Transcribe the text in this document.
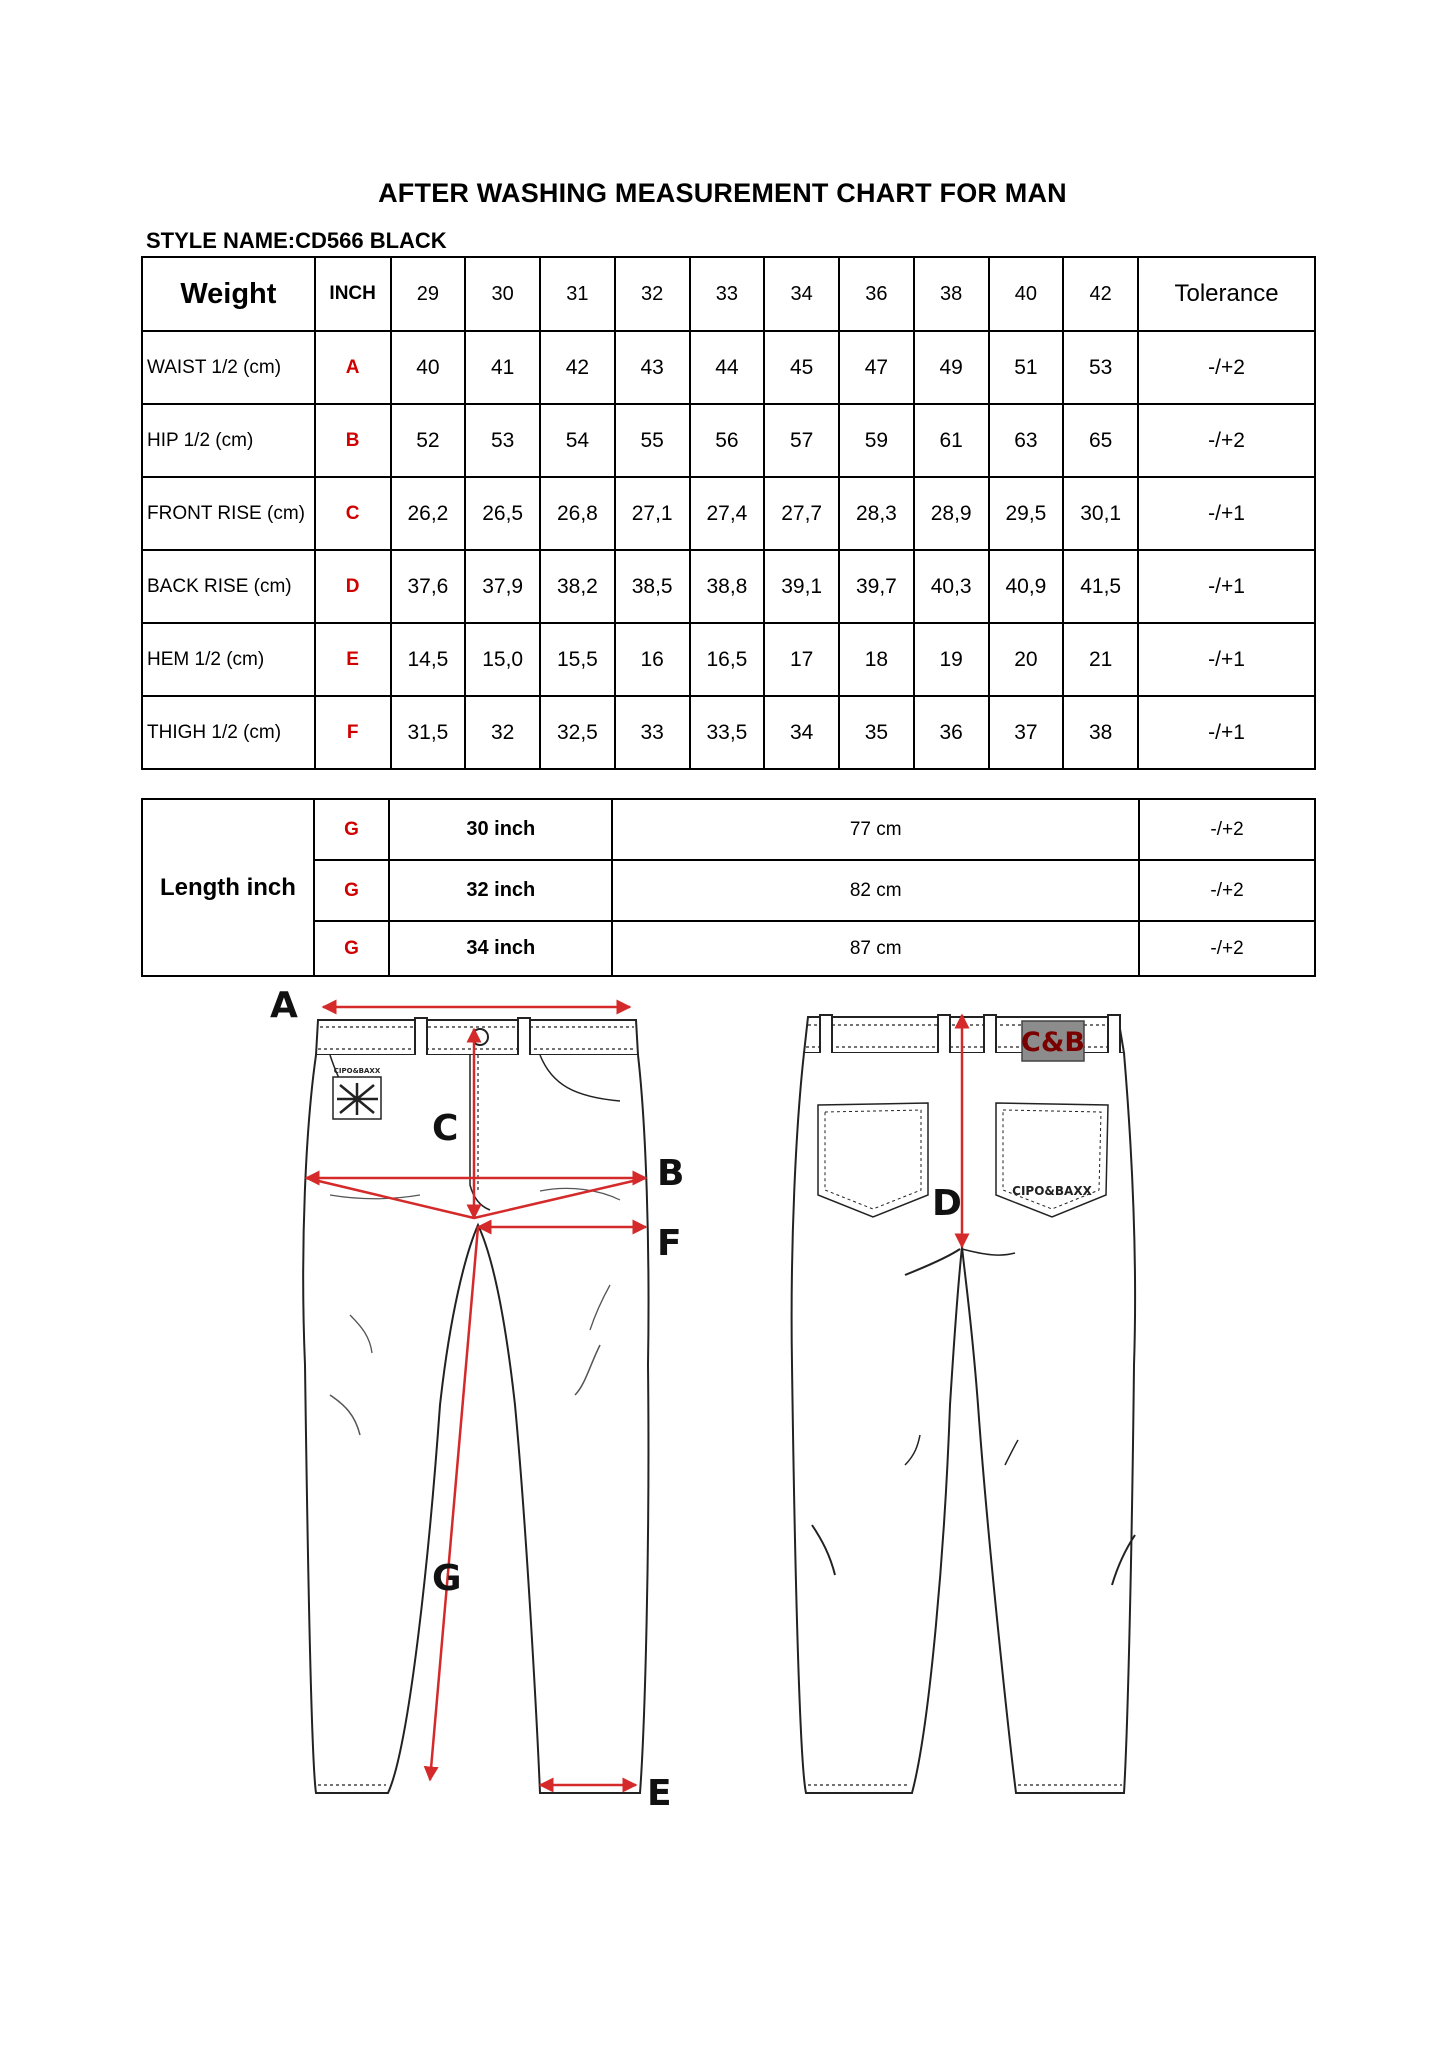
AFTER WASHING MEASUREMENT CHART FOR MAN
STYLE NAME:CD566 BLACK
Weight	INCH	29	30	31	32	33	34	36	38	40	42	Tolerance
WAIST 1/2 (cm)	A	40	41	42	43	44	45	47	49	51	53	-/+2
HIP 1/2 (cm)	B	52	53	54	55	56	57	59	61	63	65	-/+2
FRONT RISE (cm)	C	26,2	26,5	26,8	27,1	27,4	27,7	28,3	28,9	29,5	30,1	-/+1
BACK RISE (cm)	D	37,6	37,9	38,2	38,5	38,8	39,1	39,7	40,3	40,9	41,5	-/+1
HEM 1/2 (cm)	E	14,5	15,0	15,5	16	16,5	17	18	19	20	21	-/+1
THIGH 1/2 (cm)	F	31,5	32	32,5	33	33,5	34	35	36	37	38	-/+1
Length inch	G	30 inch	77 cm	-/+2
	G	32 inch	82 cm	-/+2
	G	34 inch	87 cm	-/+2
A
B
C
E
F
G
CIPO&BAXX
C&B
CIPO&BAXX
D
